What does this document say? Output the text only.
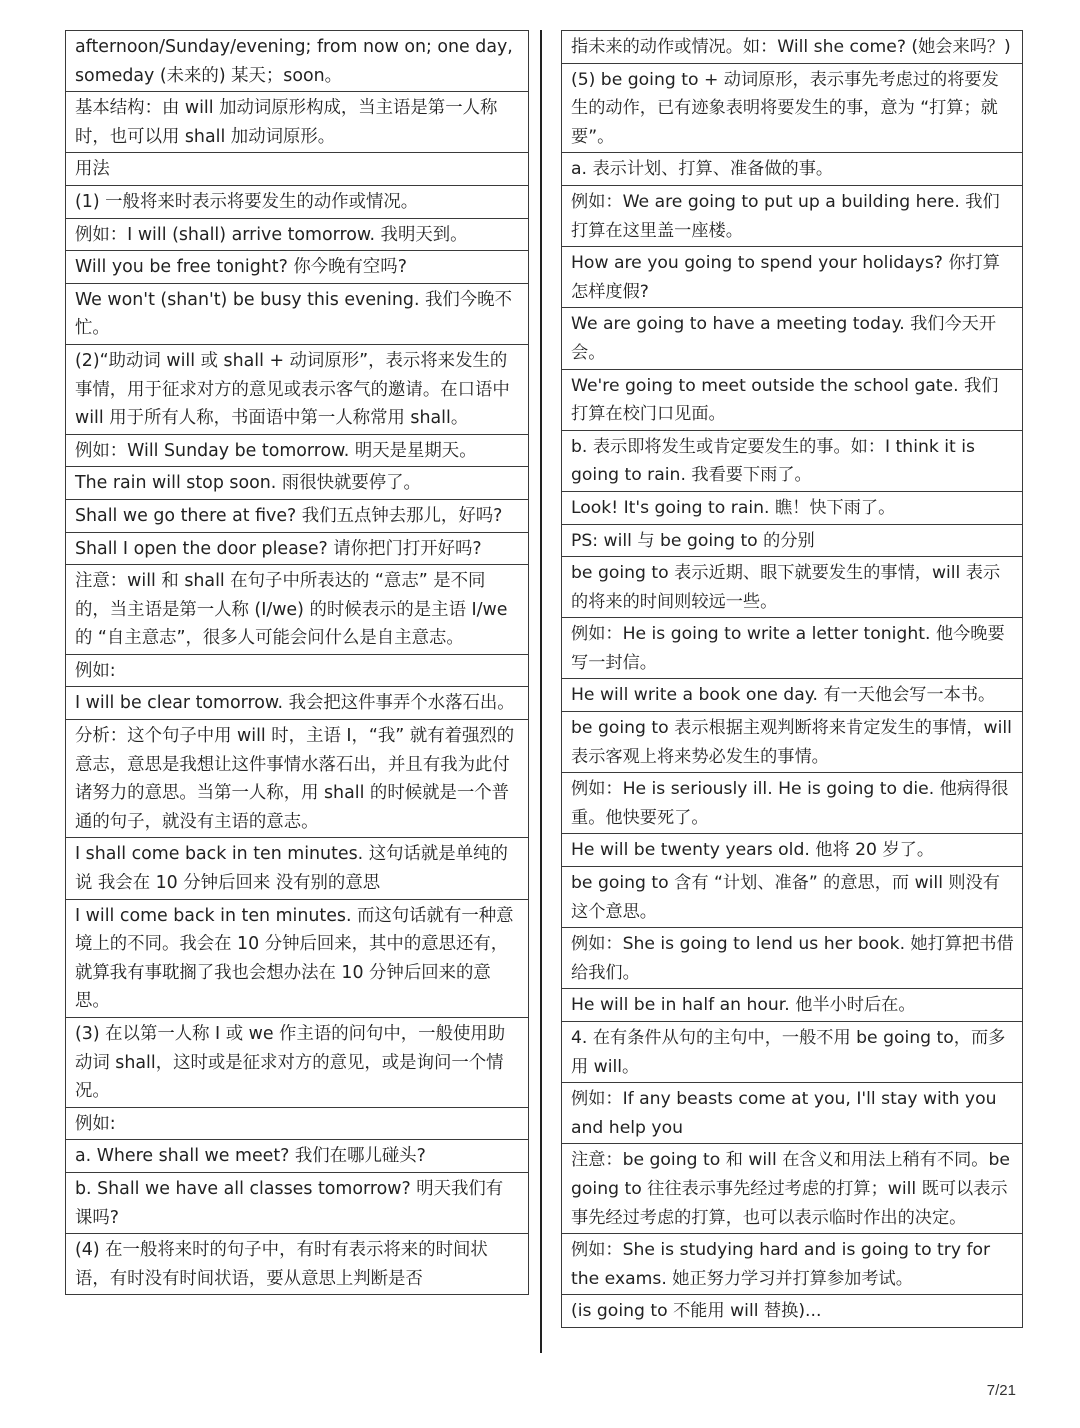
afternoon/Sunday/evening; from now on; one day, someday (未来的) 某天；soon。
基本结构：由 will 加动词原形构成，当主语是第一人称时，也可以用 shall 加动词原形。
用法
(1) 一般将来时表示将要发生的动作或情况。
例如：I will (shall) arrive tomorrow. 我明天到。
Will you be free tonight? 你今晚有空吗?
We won't (shan't) be busy this evening. 我们今晚不忙。
(2)“助动词 will 或 shall + 动词原形”，表示将来发生的事情，用于征求对方的意见或表示客气的邀请。在口语中 will 用于所有人称，书面语中第一人称常用 shall。
例如：Will Sunday be tomorrow. 明天是星期天。
The rain will stop soon. 雨很快就要停了。
Shall we go there at five? 我们五点钟去那儿，好吗?
Shall I open the door please? 请你把门打开好吗?
注意：will 和 shall 在句子中所表达的 “意志” 是不同的，当主语是第一人称 (I/we) 的时候表示的是主语 I/we 的 “自主意志”，很多人可能会问什么是自主意志。
例如:
I will be clear tomorrow. 我会把这件事弄个水落石出。
分析：这个句子中用 will 时，主语 I，“我” 就有着强烈的意志，意思是我想让这件事情水落石出，并且有我为此付诸努力的意思。当第一人称，用 shall 的时候就是一个普通的句子，就没有主语的意志。
I shall come back in ten minutes. 这句话就是单纯的说 我会在 10 分钟后回来 没有别的意思
I will come back in ten minutes. 而这句话就有一种意境上的不同。我会在 10 分钟后回来，其中的意思还有，就算我有事耽搁了我也会想办法在 10 分钟后回来的意思。
(3) 在以第一人称 I 或 we 作主语的问句中，一般使用助动词 shall，这时或是征求对方的意见，或是询问一个情况。
例如:
a. Where shall we meet? 我们在哪儿碰头?
b. Shall we have all classes tomorrow? 明天我们有课吗?
(4) 在一般将来时的句子中，有时有表示将来的时间状语，有时没有时间状语，要从意思上判断是否
指未来的动作或情况。如：Will she come? (她会来吗？)
(5) be going to + 动词原形，表示事先考虑过的将要发生的动作，已有迹象表明将要发生的事，意为 “打算；就要”。
a. 表示计划、打算、准备做的事。
例如：We are going to put up a building here. 我们打算在这里盖一座楼。
How are you going to spend your holidays? 你打算怎样度假?
We are going to have a meeting today. 我们今天开会。
We're going to meet outside the school gate. 我们打算在校门口见面。
b. 表示即将发生或肯定要发生的事。如：I think it is going to rain. 我看要下雨了。
Look! It's going to rain. 瞧！快下雨了。
PS: will 与 be going to 的分别
be going to 表示近期、眼下就要发生的事情，will 表示的将来的时间则较远一些。
例如：He is going to write a letter tonight. 他今晚要写一封信。
He will write a book one day. 有一天他会写一本书。
be going to 表示根据主观判断将来肯定发生的事情，will 表示客观上将来势必发生的事情。
例如：He is seriously ill. He is going to die. 他病得很重。他快要死了。
He will be twenty years old. 他将 20 岁了。
be going to 含有 “计划、准备” 的意思，而 will 则没有这个意思。
例如：She is going to lend us her book. 她打算把书借给我们。
He will be in half an hour. 他半小时后在。
4. 在有条件从句的主句中，一般不用 be going to，而多用 will。
例如：If any beasts come at you, I'll stay with you and help you
注意：be going to 和 will 在含义和用法上稍有不同。be going to 往往表示事先经过考虑的打算；will 既可以表示事先经过考虑的打算，也可以表示临时作出的决定。
例如：She is studying hard and is going to try for the exams. 她正努力学习并打算参加考试。
(is going to 不能用 will 替换)...
7/21
